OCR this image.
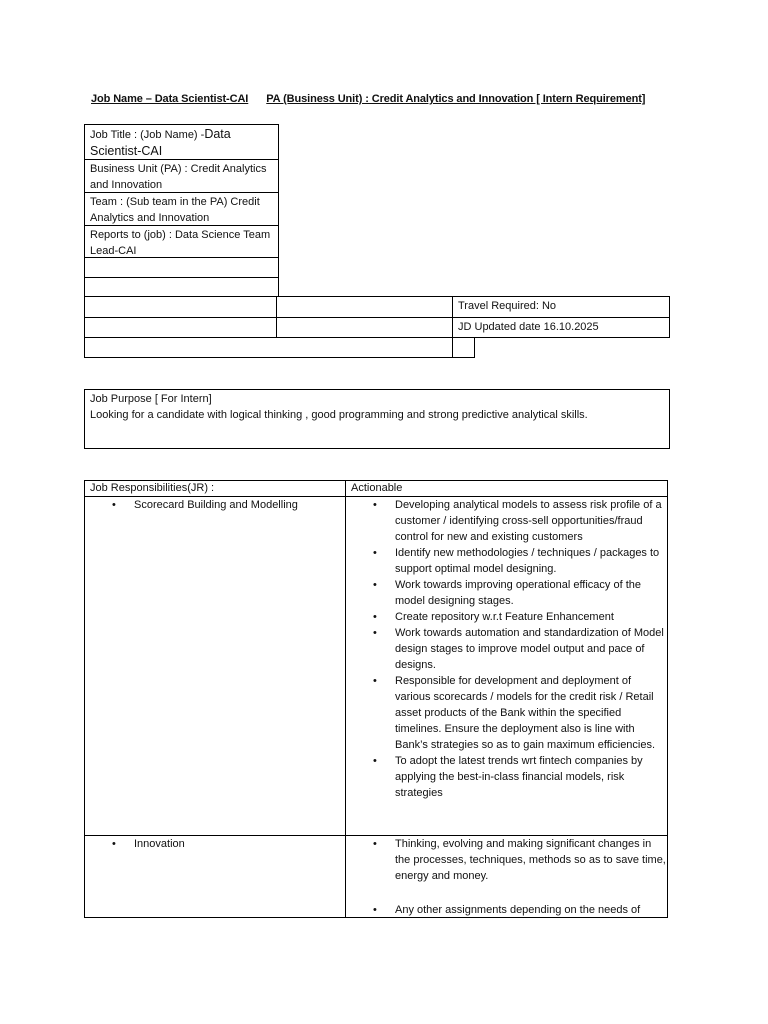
Job Name – Data Scientist-CAI PA (Business Unit) : Credit Analytics and Innovation [ Intern Requirement]
Job Title : (Job Name) -Data Scientist-CAI
Business Unit (PA) : Credit Analytics and Innovation
Team : (Sub team in the PA) Credit Analytics and Innovation
Reports to (job) : Data Science Team Lead-CAI
Travel Required: No
JD Updated date 16.10.2025
Job Purpose [ For Intern]
Looking for a candidate with logical thinking , good programming and strong predictive analytical skills.
Job Responsibilities(JR) :	Actionable
• Scorecard Building and Modelling	• Developing analytical models to assess risk profile of a customer / identifying cross-sell opportunities/fraud control for new and existing customers
• Identify new methodologies / techniques / packages to support optimal model designing.
• Work towards improving operational efficacy of the model designing stages.
• Create repository w.r.t Feature Enhancement
• Work towards automation and standardization of Model design stages to improve model output and pace of designs.
• Responsible for development and deployment of various scorecards / models for the credit risk / Retail asset products of the Bank within the specified timelines. Ensure the deployment also is line with Bank’s strategies so as to gain maximum efficiencies.
• To adopt the latest trends wrt fintech companies by applying the best-in-class financial models, risk strategies
• Innovation	• Thinking, evolving and making significant changes in the processes, techniques, methods so as to save time, energy and money.
• Any other assignments depending on the needs of
